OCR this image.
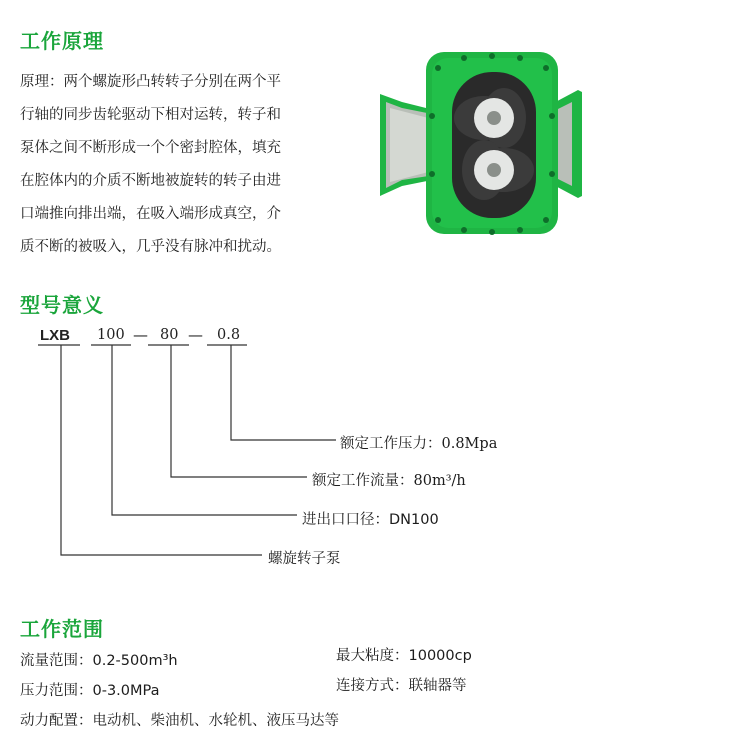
工作原理
原理：两个螺旋形凸转转子分别在两个平
行轴的同步齿轮驱动下相对运转，转子和
泵体之间不断形成一个个密封腔体，填充
在腔体内的介质不断地被旋转的转子由进
口端推向排出端，在吸入端形成真空，介
质不断的被吸入，几乎没有脉冲和扰动。
型号意义
LXB 100 — 80 — 0.8
额定工作压力：0.8Mpa
额定工作流量：80m³/h
进出口口径：DN100
螺旋转子泵
工作范围
流量范围：0.2-500m³h	最大粘度：10000cp
压力范围：0-3.0MPa	连接方式：联轴器等
动力配置：电动机、柴油机、水轮机、液压马达等
